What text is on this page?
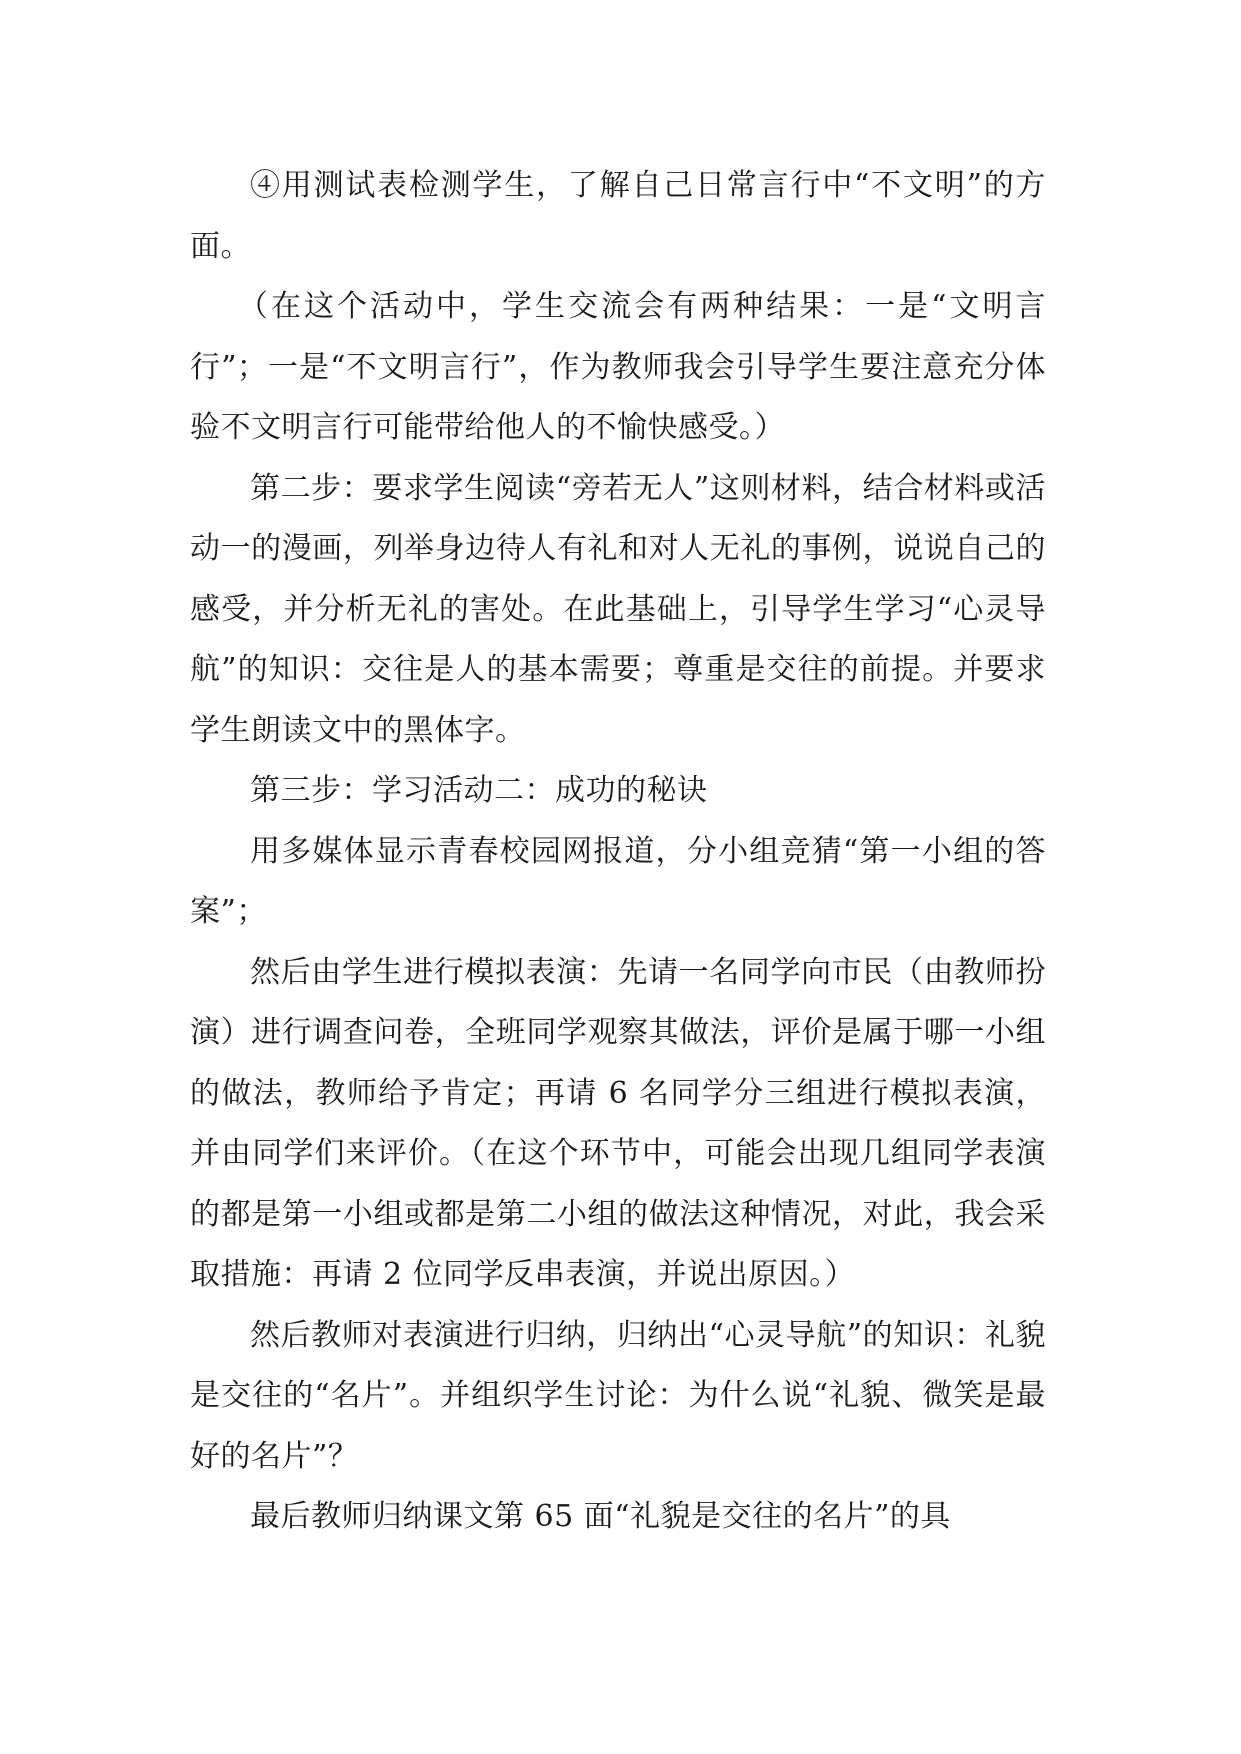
④用测试表检测学生，了解自己日常言行中“不文明”的方面。

（在这个活动中，学生交流会有两种结果：一是“文明言行”；一是“不文明言行”，作为教师我会引导学生要注意充分体验不文明言行可能带给他人的不愉快感受。）

第二步：要求学生阅读“旁若无人”这则材料，结合材料或活动一的漫画，列举身边待人有礼和对人无礼的事例，说说自己的感受，并分析无礼的害处。在此基础上，引导学生学习“心灵导航”的知识：交往是人的基本需要；尊重是交往的前提。并要求学生朗读文中的黑体字。

第三步：学习活动二：成功的秘诀

用多媒体显示青春校园网报道，分小组竞猜“第一小组的答案”；

然后由学生进行模拟表演：先请一名同学向市民（由教师扮演）进行调查问卷，全班同学观察其做法，评价是属于哪一小组的做法，教师给予肯定；再请 6 名同学分三组进行模拟表演，并由同学们来评价。（在这个环节中，可能会出现几组同学表演的都是第一小组或都是第二小组的做法这种情况，对此，我会采取措施：再请 2 位同学反串表演，并说出原因。）

然后教师对表演进行归纳，归纳出“心灵导航”的知识：礼貌是交往的“名片”。并组织学生讨论：为什么说“礼貌、微笑是最好的名片”？

最后教师归纳课文第 65 面“礼貌是交往的名片”的具
